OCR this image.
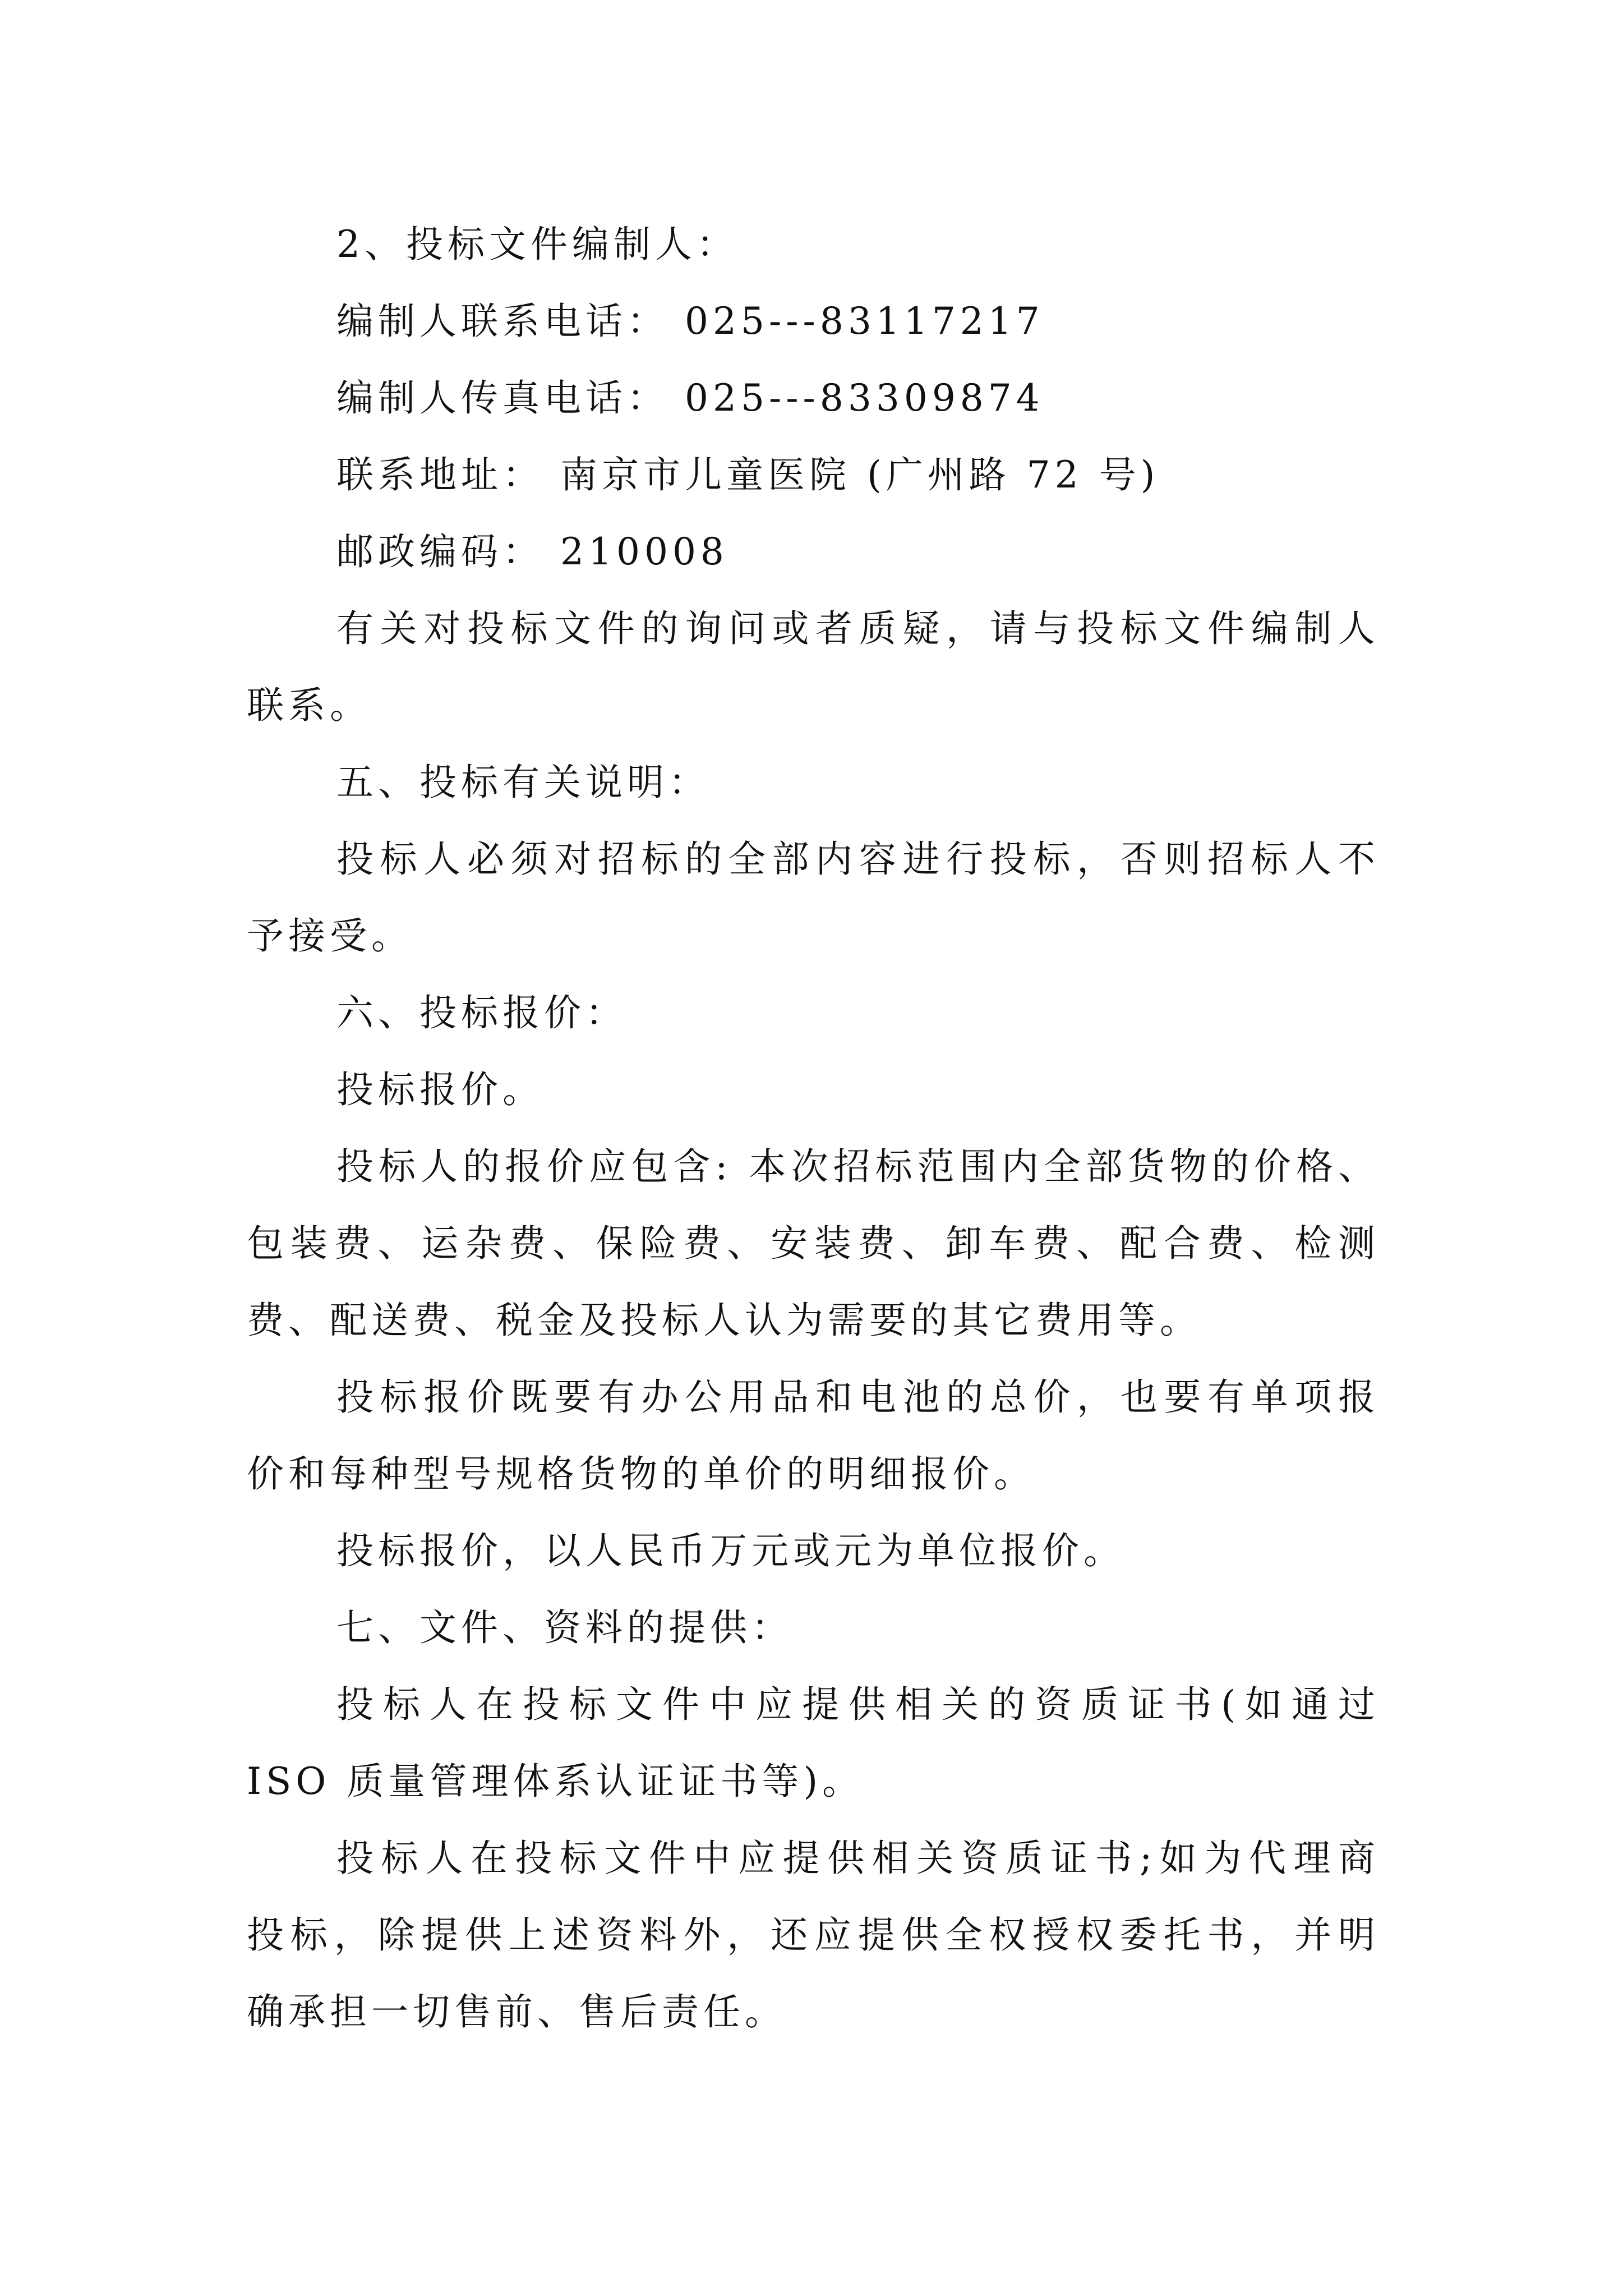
2、投标文件编制人：
编制人联系电话： 025---83117217
编制人传真电话： 025---83309874
联系地址： 南京市儿童医院 (广州路 72 号)
邮政编码： 210008
有关对投标文件的询问或者质疑，请与投标文件编制人
联系。
五、投标有关说明：
投标人必须对招标的全部内容进行投标，否则招标人不
予接受。
六、投标报价：
投标报价。
投标人的报价应包含: 本次招标范围内全部货物的价格、
包装费、运杂费、保险费、安装费、卸车费、配合费、检测
费、配送费、税金及投标人认为需要的其它费用等。
投标报价既要有办公用品和电池的总价，也要有单项报
价和每种型号规格货物的单价的明细报价。
投标报价，以人民币万元或元为单位报价。
七、文件、资料的提供：
投标人在投标文件中应提供相关的资质证书(如通过
ISO 质量管理体系认证证书等)。
投标人在投标文件中应提供相关资质证书;如为代理商
投标，除提供上述资料外，还应提供全权授权委托书，并明
确承担一切售前、售后责任。
